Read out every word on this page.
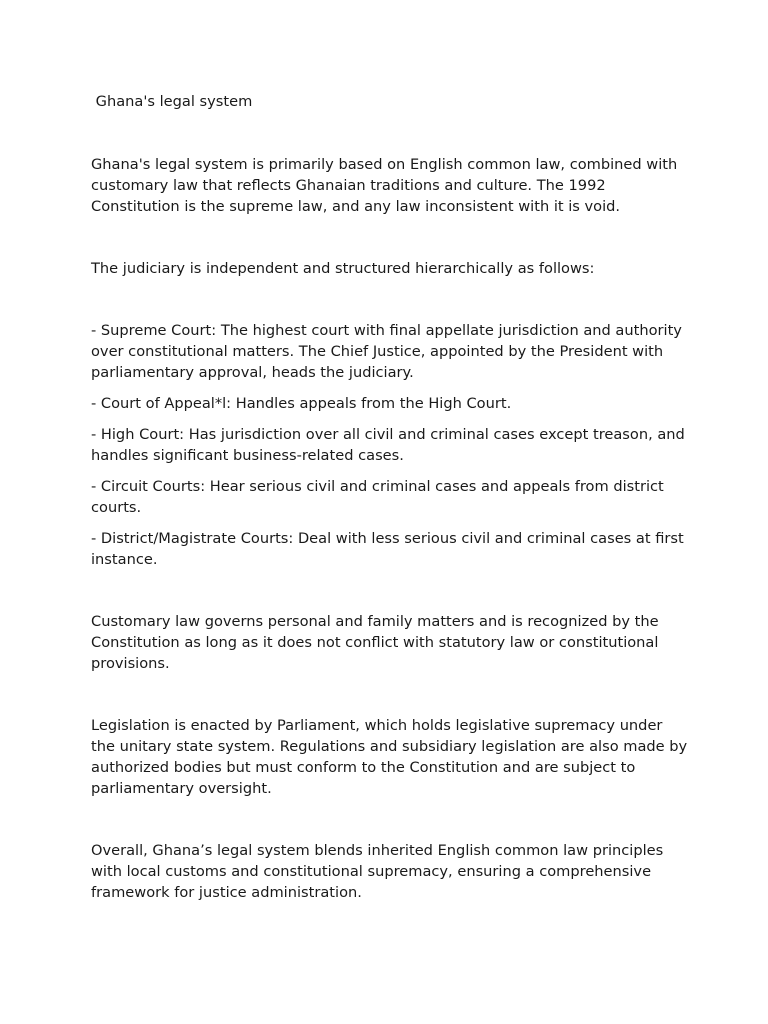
Ghana's legal system

Ghana's legal system is primarily based on English common law, combined with customary law that reflects Ghanaian traditions and culture. The 1992 Constitution is the supreme law, and any law inconsistent with it is void.

The judiciary is independent and structured hierarchically as follows:

- Supreme Court: The highest court with final appellate jurisdiction and authority over constitutional matters. The Chief Justice, appointed by the President with parliamentary approval, heads the judiciary.
- Court of Appeal*l: Handles appeals from the High Court.
- High Court: Has jurisdiction over all civil and criminal cases except treason, and handles significant business-related cases.
- Circuit Courts: Hear serious civil and criminal cases and appeals from district courts.
- District/Magistrate Courts: Deal with less serious civil and criminal cases at first instance.

Customary law governs personal and family matters and is recognized by the Constitution as long as it does not conflict with statutory law or constitutional provisions.

Legislation is enacted by Parliament, which holds legislative supremacy under the unitary state system. Regulations and subsidiary legislation are also made by authorized bodies but must conform to the Constitution and are subject to parliamentary oversight.

Overall, Ghana’s legal system blends inherited English common law principles with local customs and constitutional supremacy, ensuring a comprehensive framework for justice administration.
